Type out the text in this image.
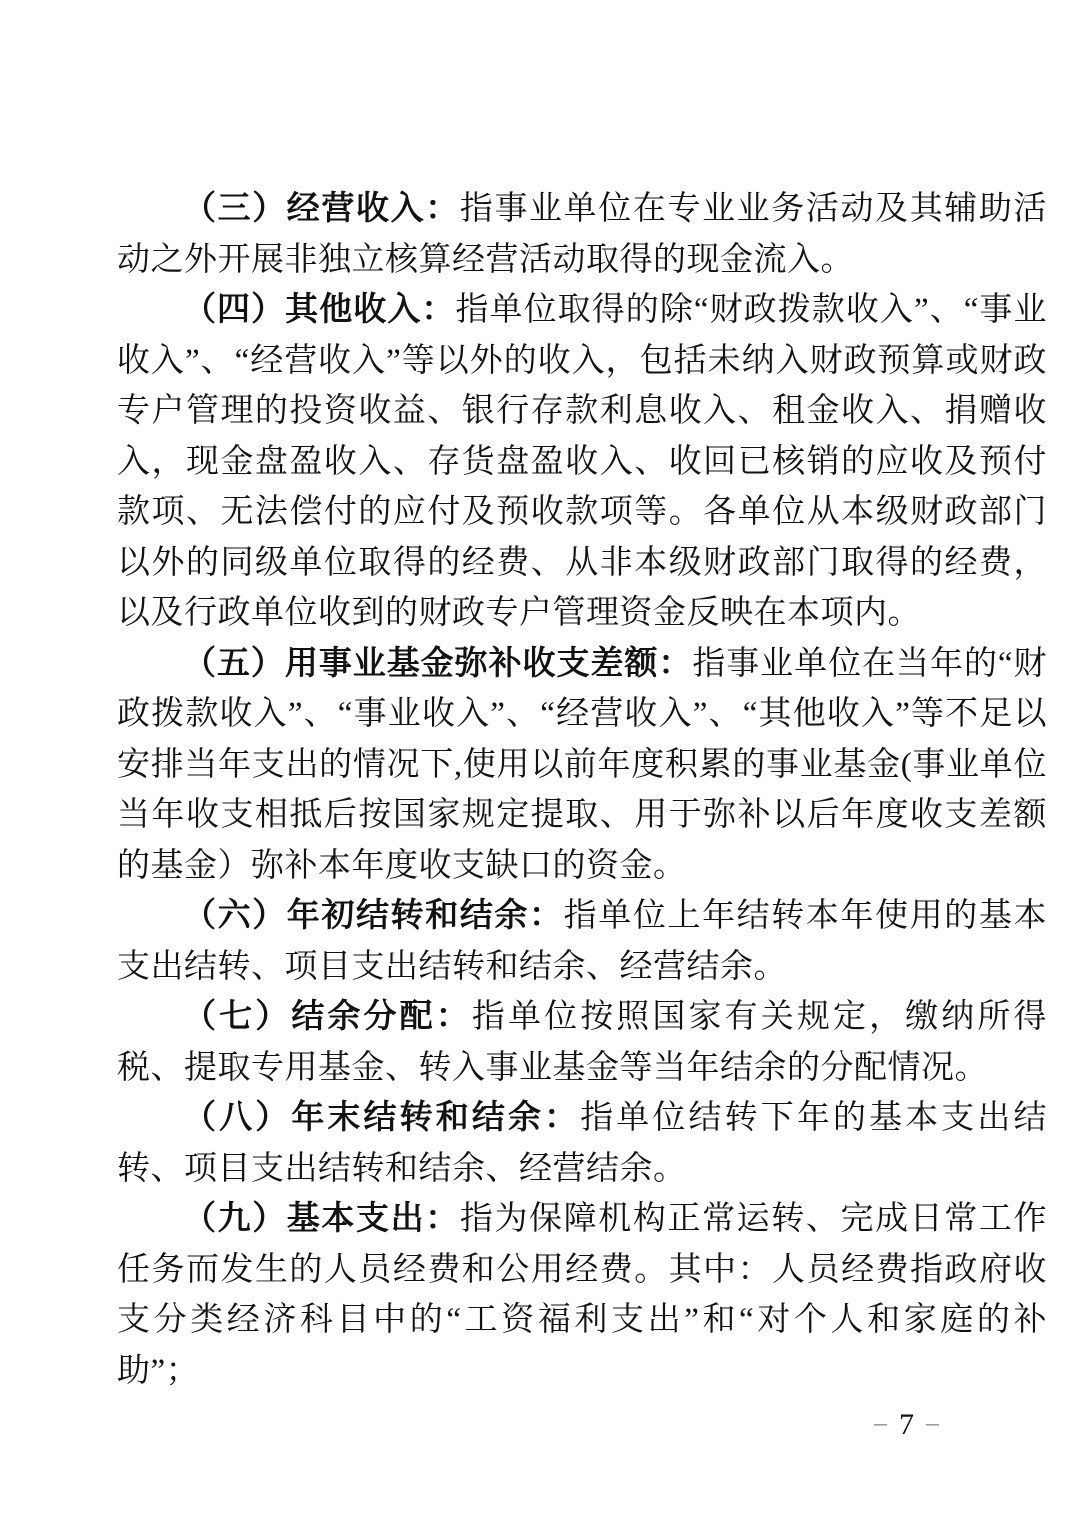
（三）经营收入：指事业单位在专业业务活动及其辅助活动之外开展非独立核算经营活动取得的现金流入。

（四）其他收入：指单位取得的除“财政拨款收入”、“事业收入”、“经营收入”等以外的收入，包括未纳入财政预算或财政专户管理的投资收益、银行存款利息收入、租金收入、捐赠收入，现金盘盈收入、存货盘盈收入、收回已核销的应收及预付款项、无法偿付的应付及预收款项等。各单位从本级财政部门以外的同级单位取得的经费、从非本级财政部门取得的经费，以及行政单位收到的财政专户管理资金反映在本项内。

（五）用事业基金弥补收支差额：指事业单位在当年的“财政拨款收入”、“事业收入”、“经营收入”、“其他收入”等不足以安排当年支出的情况下,使用以前年度积累的事业基金(事业单位当年收支相抵后按国家规定提取、用于弥补以后年度收支差额的基金）弥补本年度收支缺口的资金。

（六）年初结转和结余：指单位上年结转本年使用的基本支出结转、项目支出结转和结余、经营结余。

（七）结余分配：指单位按照国家有关规定，缴纳所得税、提取专用基金、转入事业基金等当年结余的分配情况。

（八）年末结转和结余：指单位结转下年的基本支出结转、项目支出结转和结余、经营结余。

（九）基本支出：指为保障机构正常运转、完成日常工作任务而发生的人员经费和公用经费。其中：人员经费指政府收支分类经济科目中的“工资福利支出”和“对个人和家庭的补助”；

– 7 –
